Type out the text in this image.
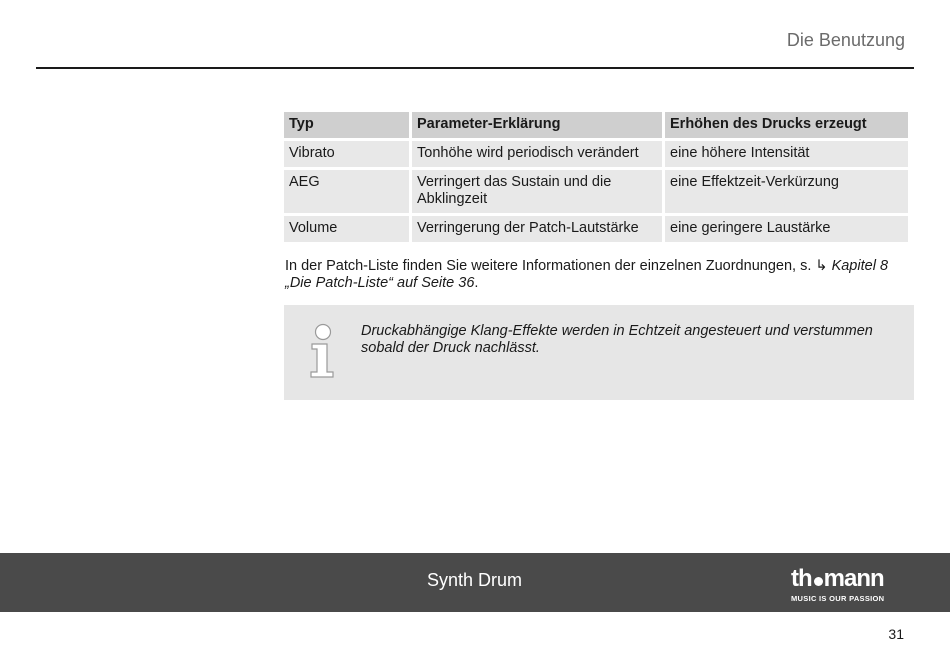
Die Benutzung
Typ	Parameter-Erklärung	Erhöhen des Drucks erzeugt
Vibrato	Tonhöhe wird periodisch verändert	eine höhere Intensität
AEG	Verringert das Sustain und die Abklingzeit	eine Effektzeit-Verkürzung
Volume	Verringerung der Patch-Lautstärke	eine geringere Laustärke
In der Patch-Liste finden Sie weitere Informationen der einzelnen Zuordnungen, s. ↳ Kapitel 8 „Die Patch-Liste“ auf Seite 36.
Druckabhängige Klang-Effekte werden in Echtzeit angesteuert und verstummen sobald der Druck nachlässt.
Synth Drum	th mann
MUSIC IS OUR PASSION
31
